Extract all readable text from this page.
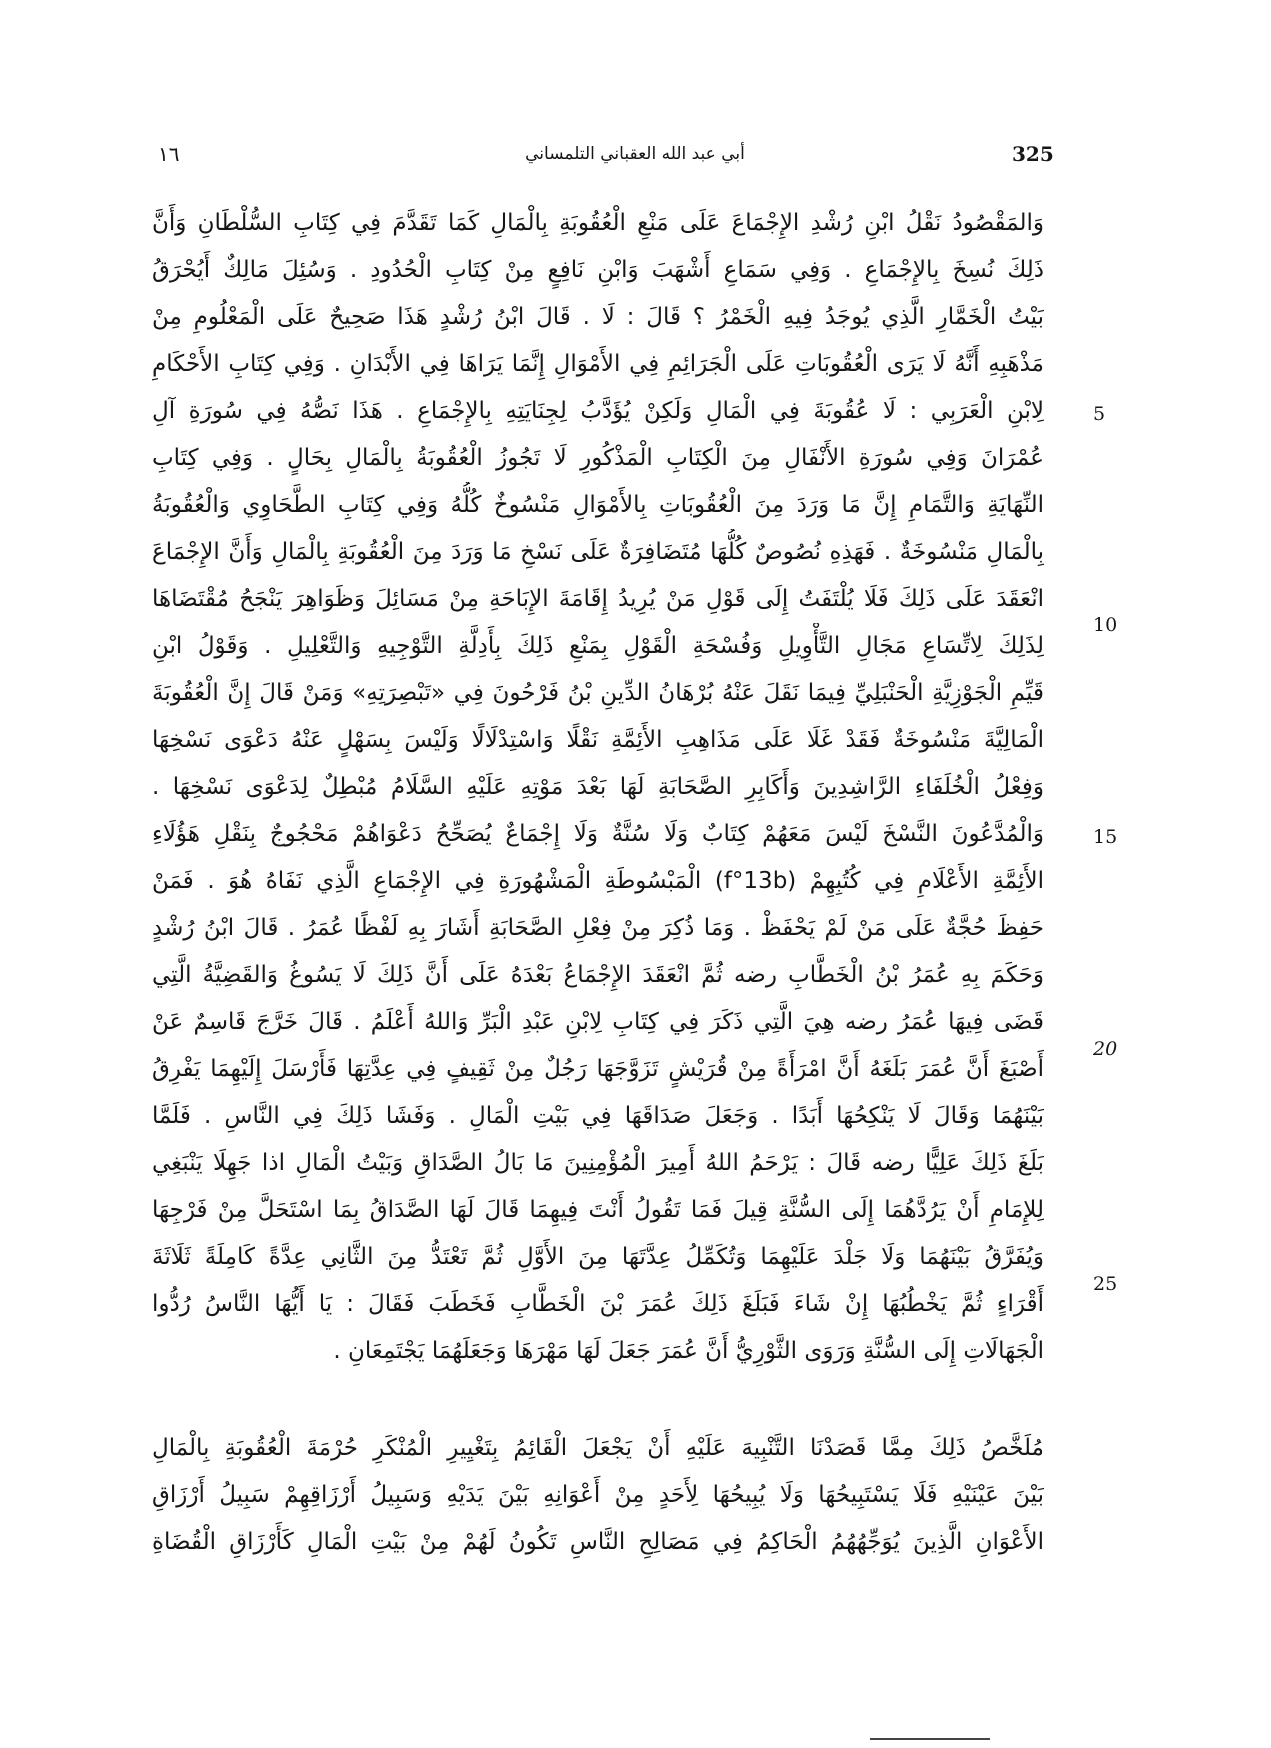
١٦	أبي عبد الله العقباني التلمساني	325
5
10
15
20
25
وَالمَقْصُودُ نَقْلُ ابْنِ رُشْدِ الإِجْمَاعَ عَلَى مَنْعِ الْعُقُوبَةِ بِالْمَالِ كَمَا تَقَدَّمَ فِي كِتَابِ السُّلْطَانِ وَأَنَّ
ذَلِكَ نُسِخَ بِالإِجْمَاعِ . وَفِي سَمَاعِ أَشْهَبَ وَابْنِ نَافِعٍ مِنْ كِتَابِ الْحُدُودِ . وَسُئِلَ مَالِكٌ أَيُحْرَقُ
بَيْتُ الْخَمَّارِ الَّذِي يُوجَدُ فِيهِ الْخَمْرُ ؟ قَالَ : لَا . قَالَ ابْنُ رُشْدٍ هَذَا صَحِيحٌ عَلَى الْمَعْلُومِ مِنْ
مَذْهَبِهِ أَنَّهُ لَا يَرَى الْعُقُوبَاتِ عَلَى الْجَرَائِمِ فِي الأَمْوَالِ إِنَّمَا يَرَاهَا فِي الأَبْدَانِ . وَفِي كِتَابِ الأَحْكَامِ
لِابْنِ الْعَرَبِي : لَا عُقُوبَةَ فِي الْمَالِ وَلَكِنْ يُؤَدَّبُ لِجِنَايَتِهِ بِالإِجْمَاعِ . هَذَا نَصُّهُ فِي سُورَةِ آلِ
عُمْرَانَ وَفِي سُورَةِ الأَنْفَالِ مِنَ الْكِتَابِ الْمَذْكُورِ لَا تَجُوزُ الْعُقُوبَةُ بِالْمَالِ بِحَالٍ . وَفِي كِتَابِ
النِّهَايَةِ وَالتَّمَامِ إِنَّ مَا وَرَدَ مِنَ الْعُقُوبَاتِ بِالأَمْوَالِ مَنْسُوخٌ كُلُّهُ وَفِي كِتَابِ الطَّحَاوِي وَالْعُقُوبَةُ
بِالْمَالِ مَنْسُوخَةٌ . فَهَذِهِ نُصُوصٌ كُلُّهَا مُتَضَافِرَةٌ عَلَى نَسْخِ مَا وَرَدَ مِنَ الْعُقُوبَةِ بِالْمَالِ وَأَنَّ الإِجْمَاعَ
انْعَقَدَ عَلَى ذَلِكَ فَلَا يُلْتَفَتُ إِلَى قَوْلِ مَنْ يُرِيدُ إِقَامَةَ الإِبَاحَةِ مِنْ مَسَائِلَ وَظَوَاهِرَ يَنْجَحُ مُقْتَضَاهَا
لِذَلِكَ لِاتِّسَاعِ مَجَالِ التَّأْوِيلِ وَفُسْحَةِ الْقَوْلِ بِمَنْعِ ذَلِكَ بِأَدِلَّةِ التَّوْجِيهِ وَالتَّعْلِيلِ . وَقَوْلُ ابْنِ
قَيِّمِ الْجَوْزِيَّةِ الْحَنْبَلِيِّ فِيمَا نَقَلَ عَنْهُ بُرْهَانُ الدِّينِ بْنُ فَرْحُونَ فِي «تَبْصِرَتِهِ» وَمَنْ قَالَ إِنَّ الْعُقُوبَةَ
الْمَالِيَّةَ مَنْسُوخَةٌ فَقَدْ غَلَا عَلَى مَذَاهِبِ الأَئِمَّةِ نَقْلًا وَاسْتِدْلَالًا وَلَيْسَ بِسَهْلٍ عَنْهُ دَعْوَى نَسْخِهَا
وَفِعْلُ الْخُلَفَاءِ الرَّاشِدِينَ وَأَكَابِرِ الصَّحَابَةِ لَهَا بَعْدَ مَوْتِهِ عَلَيْهِ السَّلَامُ مُبْطِلٌ لِدَعْوَى نَسْخِهَا .
وَالْمُدَّعُونَ النَّسْخَ لَيْسَ مَعَهُمْ كِتَابٌ وَلَا سُنَّةٌ وَلَا إِجْمَاعٌ يُصَحِّحُ دَعْوَاهُمْ مَحْجُوجٌ بِنَقْلِ هَؤُلَاءِ
الأَئِمَّةِ الأَعْلَامِ فِي كُتُبِهِمْ (f°13b) الْمَبْسُوطَةِ الْمَشْهُورَةِ فِي الإِجْمَاعِ الَّذِي نَفَاهُ هُوَ . فَمَنْ
حَفِظَ حُجَّةٌ عَلَى مَنْ لَمْ يَحْفَظْ . وَمَا ذُكِرَ مِنْ فِعْلِ الصَّحَابَةِ أَشَارَ بِهِ لَفْظًا عُمَرُ . قَالَ ابْنُ رُشْدٍ
وَحَكَمَ بِهِ عُمَرُ بْنُ الْخَطَّابِ رضه ثُمَّ انْعَقَدَ الإِجْمَاعُ بَعْدَهُ عَلَى أَنَّ ذَلِكَ لَا يَسُوغُ وَالقَضِيَّةُ الَّتِي
قَضَى فِيهَا عُمَرُ رضه هِيَ الَّتِي ذَكَرَ فِي كِتَابِ لِابْنِ عَبْدِ الْبَرِّ وَاللهُ أَعْلَمُ . قَالَ خَرَّجَ قَاسِمٌ عَنْ
أَصْبَغَ أَنَّ عُمَرَ بَلَغَهُ أَنَّ امْرَأَةً مِنْ قُرَيْشٍ تَزَوَّجَهَا رَجُلٌ مِنْ ثَقِيفٍ فِي عِدَّتِهَا فَأَرْسَلَ إِلَيْهِمَا يَفْرِقُ
بَيْنَهُمَا وَقَالَ لَا يَنْكِحُهَا أَبَدًا . وَجَعَلَ صَدَاقَهَا فِي بَيْتِ الْمَالِ . وَفَشَا ذَلِكَ فِي النَّاسِ . فَلَمَّا
بَلَغَ ذَلِكَ عَلِيًّا رضه قَالَ : يَرْحَمُ اللهُ أَمِيرَ الْمُؤْمِنِينَ مَا بَالُ الصَّدَاقِ وَبَيْتُ الْمَالِ اذا جَهِلَا يَنْبَغِي
لِلإِمَامِ أَنْ يَرُدَّهُمَا إِلَى السُّنَّةِ قِيلَ فَمَا تَقُولُ أَنْتَ فِيهِمَا قَالَ لَهَا الصَّدَاقُ بِمَا اسْتَحَلَّ مِنْ فَرْجِهَا
وَيُفَرَّقُ بَيْنَهُمَا وَلَا جَلْدَ عَلَيْهِمَا وَتُكَمِّلُ عِدَّتَهَا مِنَ الأَوَّلِ ثُمَّ تَعْتَدُّ مِنَ الثَّانِي عِدَّةً كَامِلَةً ثَلَاثَةَ
أَقْرَاءٍ ثُمَّ يَخْطُبُهَا إِنْ شَاءَ فَبَلَغَ ذَلِكَ عُمَرَ بْنَ الْخَطَّابِ فَخَطَبَ فَقَالَ : يَا أَيُّهَا النَّاسُ رُدُّوا
الْجَهَالَاتِ إِلَى السُّنَّةِ وَرَوَى الثَّوْرِيُّ أَنَّ عُمَرَ جَعَلَ لَهَا مَهْرَهَا وَجَعَلَهُمَا يَجْتَمِعَانِ .
مُلَخَّصُ ذَلِكَ مِمَّا قَصَدْنَا التَّنْبِيهَ عَلَيْهِ أَنْ يَجْعَلَ الْقَائِمُ بِتَغْيِيرِ الْمُنْكَرِ حُرْمَةَ الْعُقُوبَةِ بِالْمَالِ
بَيْنَ عَيْنَيْهِ فَلَا يَسْتَبِيحُهَا وَلَا يُبِيحُهَا لِأَحَدٍ مِنْ أَعْوَانِهِ بَيْنَ يَدَيْهِ وَسَبِيلُ أَرْزَاقِهِمْ سَبِيلُ أَرْزَاقِ
الأَعْوَانِ الَّذِينَ يُوَجِّهُهُمُ الْحَاكِمُ فِي مَصَالِحِ النَّاسِ تَكُونُ لَهُمْ مِنْ بَيْتِ الْمَالِ كَأَرْزَاقِ الْقُضَاةِ
